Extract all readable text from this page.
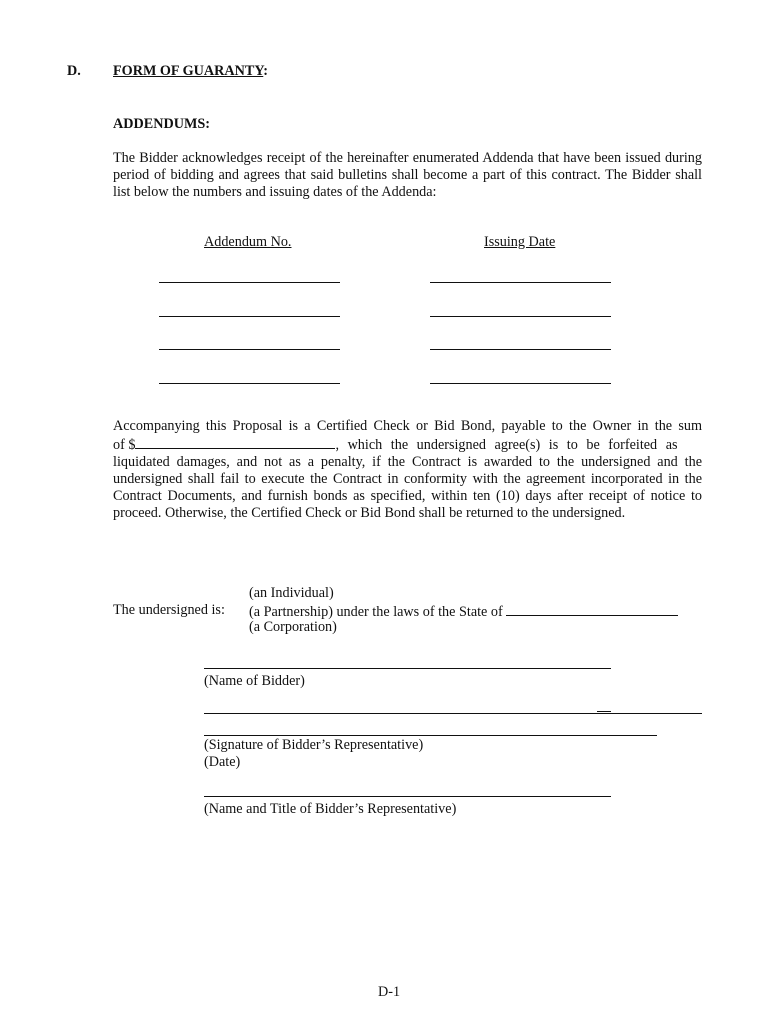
D. FORM OF GUARANTY:
ADDENDUMS:
The Bidder acknowledges receipt of the hereinafter enumerated Addenda that have been issued during period of bidding and agrees that said bulletins shall become a part of this contract. The Bidder shall list below the numbers and issuing dates of the Addenda:
Addendum No.	Issuing Date
Accompanying this Proposal is a Certified Check or Bid Bond, payable to the Owner in the sum
of $	, which the undersigned agree(s) is to be forfeited as
liquidated damages, and not as a penalty, if the Contract is awarded to the undersigned and the undersigned shall fail to execute the Contract in conformity with the agreement incorporated in the Contract Documents, and furnish bonds as specified, within ten (10) days after receipt of notice to proceed. Otherwise, the Certified Check or Bid Bond shall be returned to the undersigned.
(an Individual)
The undersigned is: (a Partnership) under the laws of the State of
(a Corporation)
(Name of Bidder)
(Signature of Bidder’s Representative)
(Date)
(Name and Title of Bidder’s Representative)
D-1
